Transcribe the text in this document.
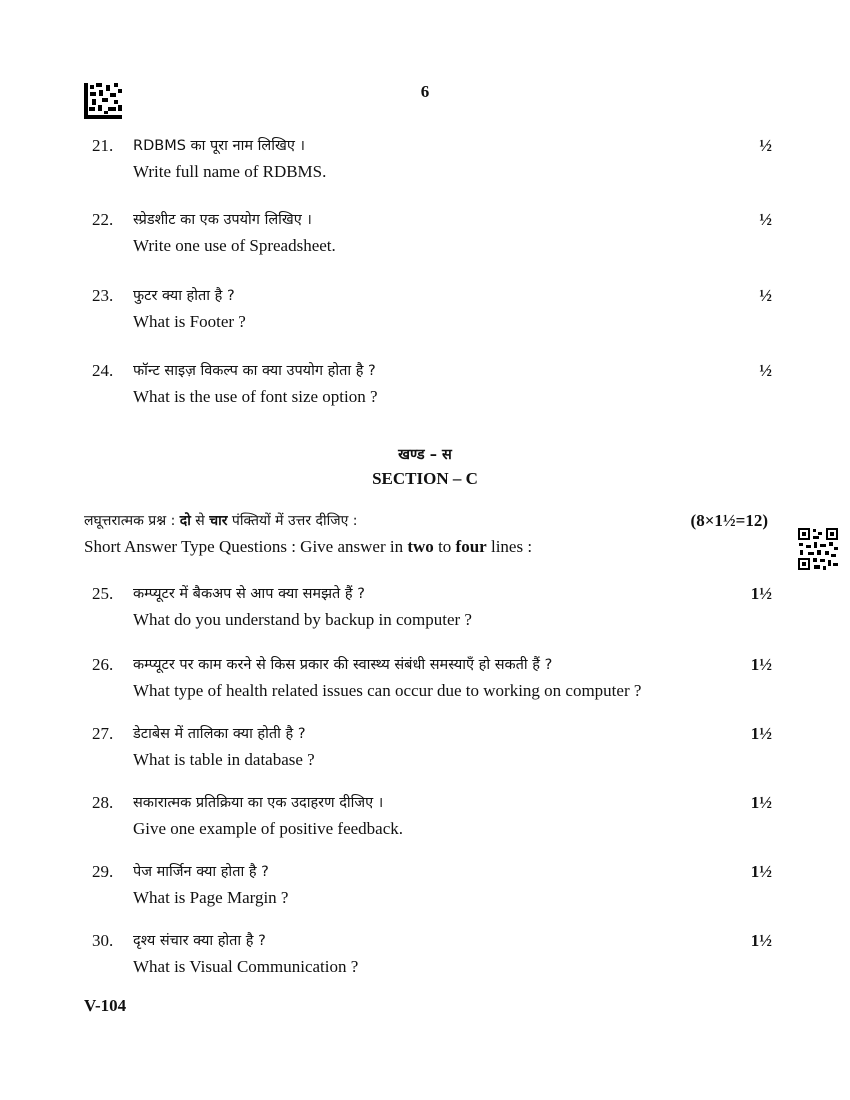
6
21.	RDBMS का पूरा नाम लिखिए ।
Write full name of RDBMS.
½
22.	स्प्रेडशीट का एक उपयोग लिखिए ।
Write one use of Spreadsheet.
½
23.	फुटर क्या होता है ?
What is Footer ?
½
24.	फॉन्ट साइज़ विकल्प का क्या उपयोग होता है ?
What is the use of font size option ?
½
खण्ड – स
SECTION – C
लघूत्तरात्मक प्रश्न : दो से चार पंक्तियों में उत्तर दीजिए :	(8×1½=12)
Short Answer Type Questions : Give answer in two to four lines :
25.	कम्प्यूटर में बैकअप से आप क्या समझते हैं ?
What do you understand by backup in computer ?
1½
26.	कम्प्यूटर पर काम करने से किस प्रकार की स्वास्थ्य संबंधी समस्याएँ हो सकती हैं ?
What type of health related issues can occur due to working on computer ?
1½
27.	डेटाबेस में तालिका क्या होती है ?
What is table in database ?
1½
28.	सकारात्मक प्रतिक्रिया का एक उदाहरण दीजिए ।
Give one example of positive feedback.
1½
29.	पेज मार्जिन क्या होता है ?
What is Page Margin ?
1½
30.	दृश्य संचार क्या होता है ?
What is Visual Communication ?
1½
V-104
